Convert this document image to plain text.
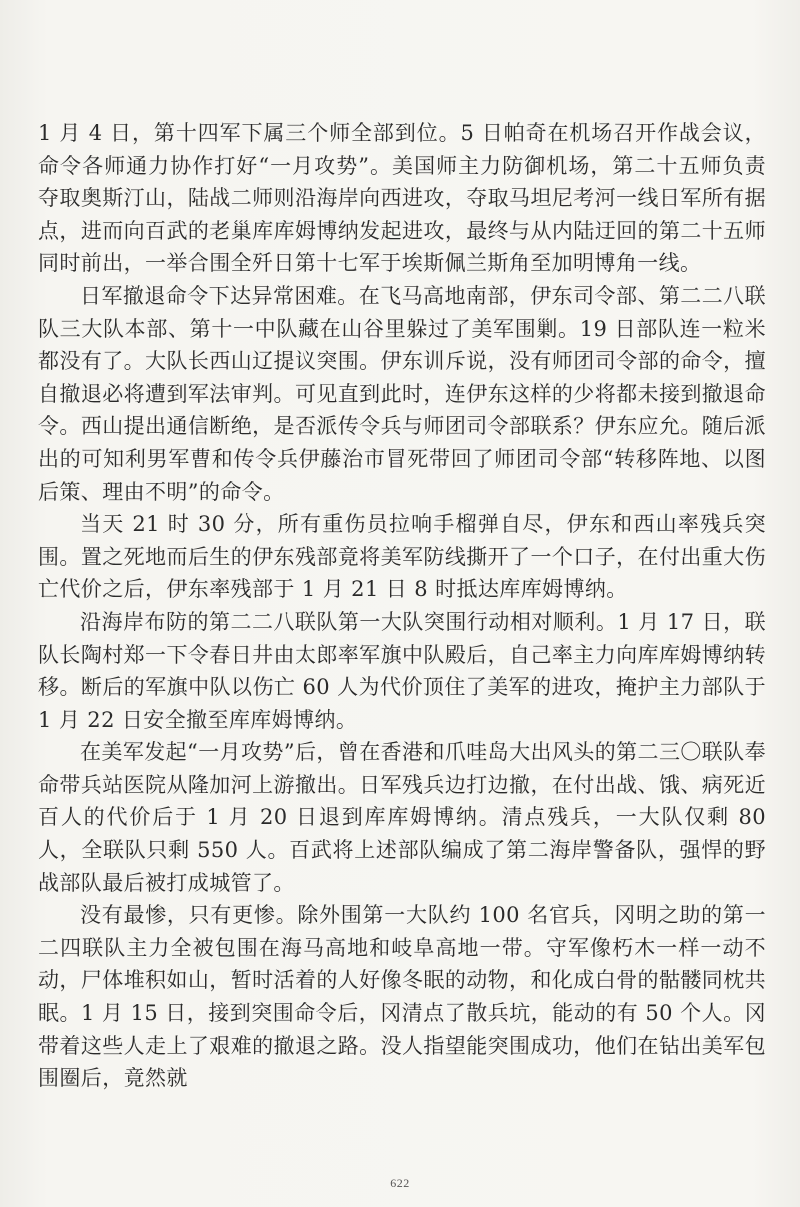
1 月 4 日，第十四军下属三个师全部到位。5 日帕奇在机场召开作战会议，命令各师通力协作打好“一月攻势”。美国师主力防御机场，第二十五师负责夺取奥斯汀山，陆战二师则沿海岸向西进攻，夺取马坦尼考河一线日军所有据点，进而向百武的老巢库库姆博纳发起进攻，最终与从内陆迂回的第二十五师同时前出，一举合围全歼日第十七军于埃斯佩兰斯角至加明博角一线。

日军撤退命令下达异常困难。在飞马高地南部，伊东司令部、第二二八联队三大队本部、第十一中队藏在山谷里躲过了美军围剿。19 日部队连一粒米都没有了。大队长西山辽提议突围。伊东训斥说，没有师团司令部的命令，擅自撤退必将遭到军法审判。可见直到此时，连伊东这样的少将都未接到撤退命令。西山提出通信断绝，是否派传令兵与师团司令部联系？伊东应允。随后派出的可知利男军曹和传令兵伊藤治市冒死带回了师团司令部“转移阵地、以图后策、理由不明”的命令。

当天 21 时 30 分，所有重伤员拉响手榴弹自尽，伊东和西山率残兵突围。置之死地而后生的伊东残部竟将美军防线撕开了一个口子，在付出重大伤亡代价之后，伊东率残部于 1 月 21 日 8 时抵达库库姆博纳。

沿海岸布防的第二二八联队第一大队突围行动相对顺利。1 月 17 日，联队长陶村郑一下令春日井由太郎率军旗中队殿后，自己率主力向库库姆博纳转移。断后的军旗中队以伤亡 60 人为代价顶住了美军的进攻，掩护主力部队于 1 月 22 日安全撤至库库姆博纳。

在美军发起“一月攻势”后，曾在香港和爪哇岛大出风头的第二三〇联队奉命带兵站医院从隆加河上游撤出。日军残兵边打边撤，在付出战、饿、病死近百人的代价后于 1 月 20 日退到库库姆博纳。清点残兵，一大队仅剩 80 人，全联队只剩 550 人。百武将上述部队编成了第二海岸警备队，强悍的野战部队最后被打成城管了。

没有最惨，只有更惨。除外围第一大队约 100 名官兵，冈明之助的第一二四联队主力全被包围在海马高地和岐阜高地一带。守军像朽木一样一动不动，尸体堆积如山，暂时活着的人好像冬眠的动物，和化成白骨的骷髅同枕共眠。1 月 15 日，接到突围命令后，冈清点了散兵坑，能动的有 50 个人。冈带着这些人走上了艰难的撤退之路。没人指望能突围成功，他们在钻出美军包围圈后，竟然就

622
